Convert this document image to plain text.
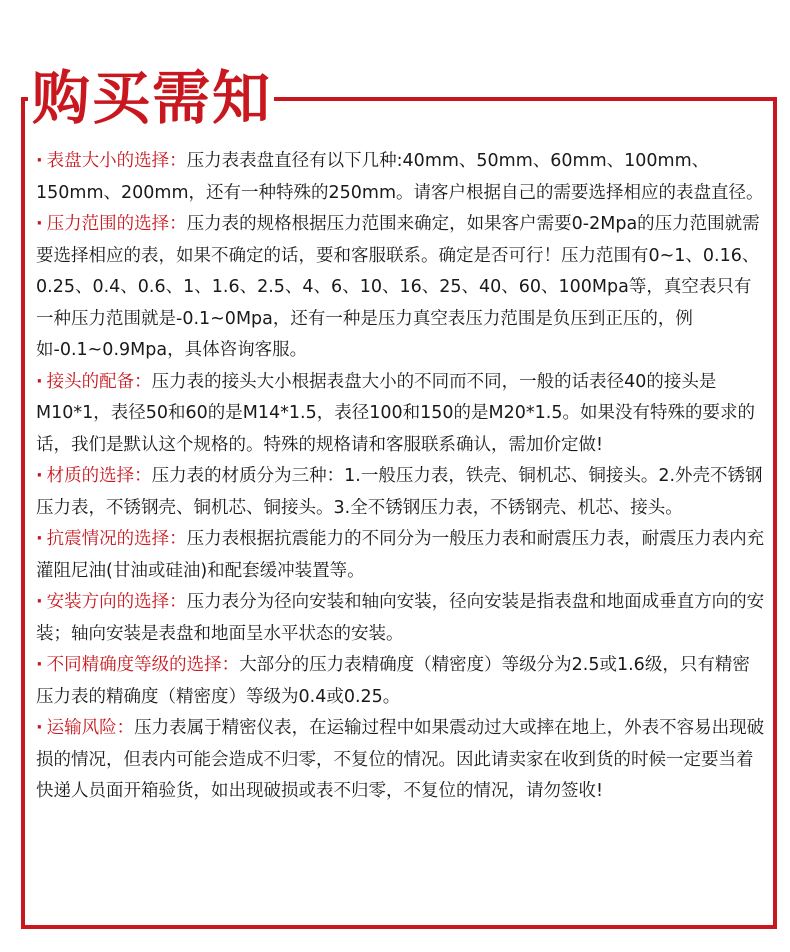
购买需知

· 表盘大小的选择：压力表表盘直径有以下几种:40mm、50mm、60mm、100mm、150mm、200mm，还有一种特殊的250mm。请客户根据自己的需要选择相应的表盘直径。

· 压力范围的选择：压力表的规格根据压力范围来确定，如果客户需要0-2Mpa的压力范围就需要选择相应的表，如果不确定的话，要和客服联系。确定是否可行！压力范围有0~1、0.16、0.25、0.4、0.6、1、1.6、2.5、4、6、10、16、25、40、60、100Mpa等，真空表只有一种压力范围就是-0.1~0Mpa，还有一种是压力真空表压力范围是负压到正压的，例如-0.1~0.9Mpa，具体咨询客服。

· 接头的配备：压力表的接头大小根据表盘大小的不同而不同，一般的话表径40的接头是M10*1，表径50和60的是M14*1.5，表径100和150的是M20*1.5。如果没有特殊的要求的话，我们是默认这个规格的。特殊的规格请和客服联系确认，需加价定做!

· 材质的选择：压力表的材质分为三种：1.一般压力表，铁壳、铜机芯、铜接头。2.外壳不锈钢压力表，不锈钢壳、铜机芯、铜接头。3.全不锈钢压力表，不锈钢壳、机芯、接头。

· 抗震情况的选择：压力表根据抗震能力的不同分为一般压力表和耐震压力表，耐震压力表内充灌阻尼油(甘油或硅油)和配套缓冲装置等。

· 安装方向的选择：压力表分为径向安装和轴向安装，径向安装是指表盘和地面成垂直方向的安装；轴向安装是表盘和地面呈水平状态的安装。

· 不同精确度等级的选择：大部分的压力表精确度（精密度）等级分为2.5或1.6级，只有精密压力表的精确度（精密度）等级为0.4或0.25。

· 运输风险：压力表属于精密仪表，在运输过程中如果震动过大或摔在地上，外表不容易出现破损的情况，但表内可能会造成不归零，不复位的情况。因此请卖家在收到货的时候一定要当着快递人员面开箱验货，如出现破损或表不归零，不复位的情况，请勿签收!
